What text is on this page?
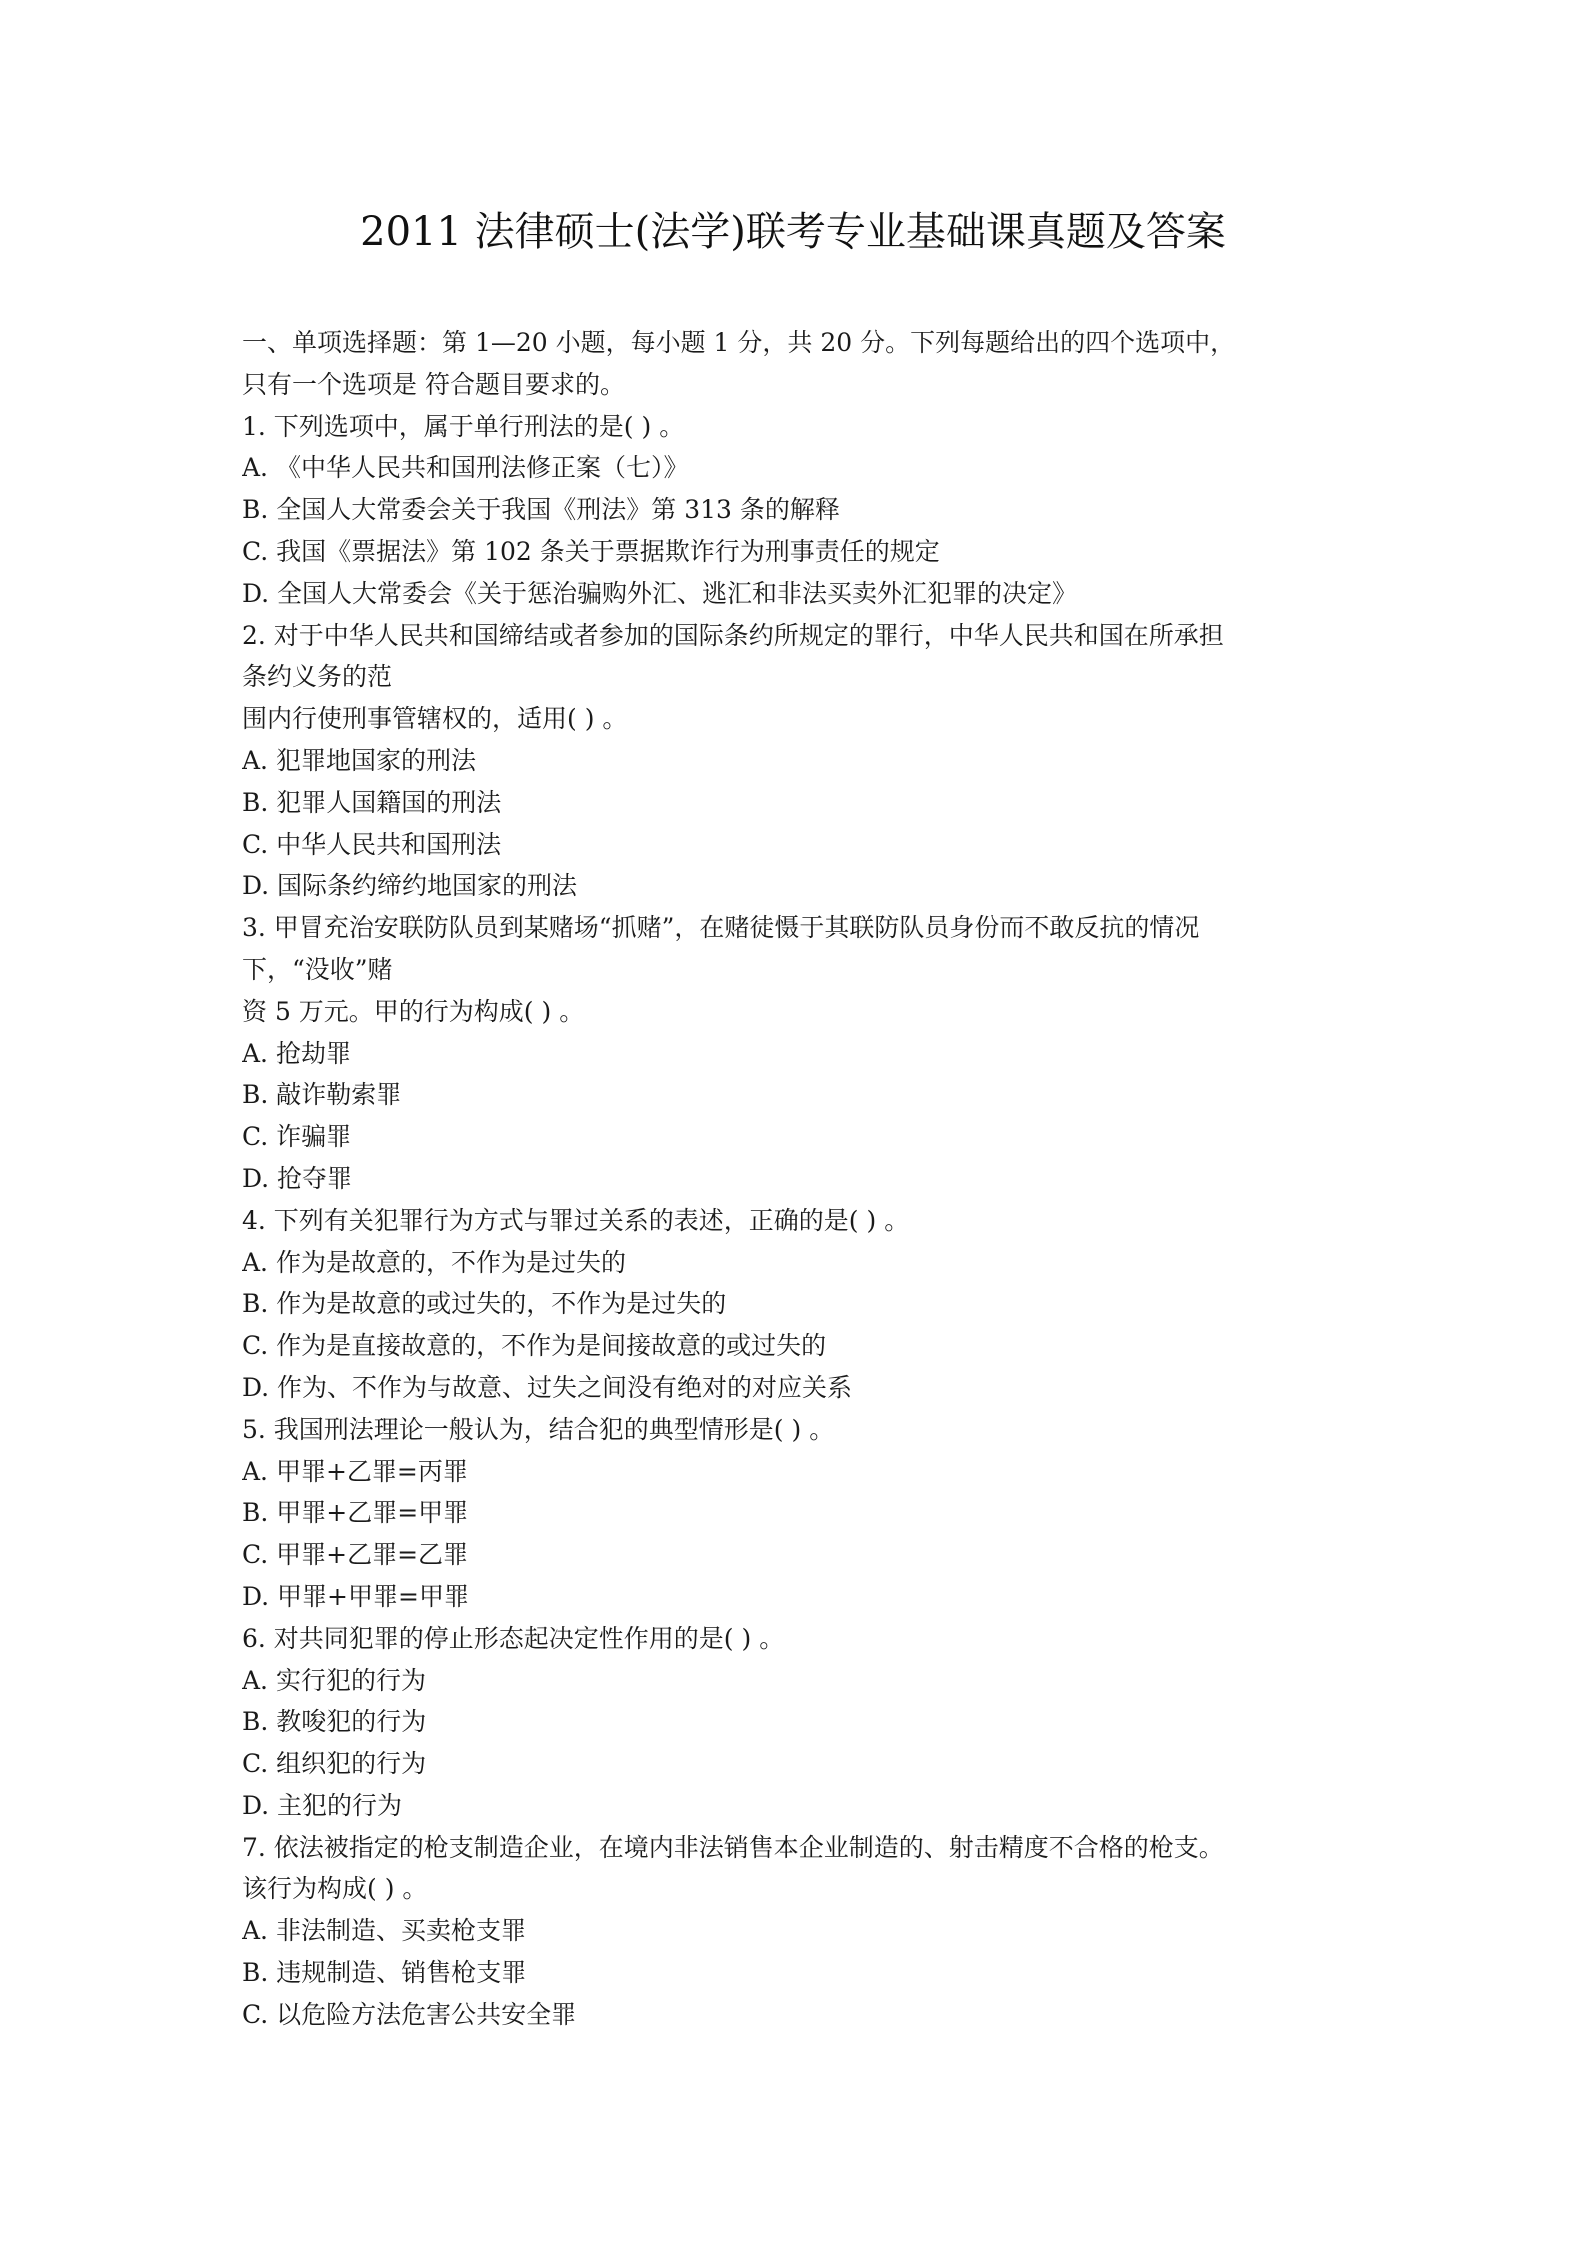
2011 法律硕士(法学)联考专业基础课真题及答案
一、单项选择题：第 1—20 小题，每小题 1 分，共 20 分。下列每题给出的四个选项中，
只有一个选项是 符合题目要求的。
1. 下列选项中，属于单行刑法的是( ) 。
A. 《中华人民共和国刑法修正案（七）》
B. 全国人大常委会关于我国《刑法》第 313 条的解释
C. 我国《票据法》第 102 条关于票据欺诈行为刑事责任的规定
D. 全国人大常委会《关于惩治骗购外汇、逃汇和非法买卖外汇犯罪的决定》
2. 对于中华人民共和国缔结或者参加的国际条约所规定的罪行，中华人民共和国在所承担
条约义务的范
围内行使刑事管辖权的，适用( ) 。
A. 犯罪地国家的刑法
B. 犯罪人国籍国的刑法
C. 中华人民共和国刑法
D. 国际条约缔约地国家的刑法
3. 甲冒充治安联防队员到某赌场“抓赌”，在赌徒慑于其联防队员身份而不敢反抗的情况
下，“没收”赌
资 5 万元。甲的行为构成( ) 。
A. 抢劫罪
B. 敲诈勒索罪
C. 诈骗罪
D. 抢夺罪
4. 下列有关犯罪行为方式与罪过关系的表述，正确的是( ) 。
A. 作为是故意的，不作为是过失的
B. 作为是故意的或过失的，不作为是过失的
C. 作为是直接故意的，不作为是间接故意的或过失的
D. 作为、不作为与故意、过失之间没有绝对的对应关系
5. 我国刑法理论一般认为，结合犯的典型情形是( ) 。
A. 甲罪+乙罪=丙罪
B. 甲罪+乙罪=甲罪
C. 甲罪+乙罪=乙罪
D. 甲罪+甲罪=甲罪
6. 对共同犯罪的停止形态起决定性作用的是( ) 。
A. 实行犯的行为
B. 教唆犯的行为
C. 组织犯的行为
D. 主犯的行为
7. 依法被指定的枪支制造企业，在境内非法销售本企业制造的、射击精度不合格的枪支。
该行为构成( ) 。
A. 非法制造、买卖枪支罪
B. 违规制造、销售枪支罪
C. 以危险方法危害公共安全罪
